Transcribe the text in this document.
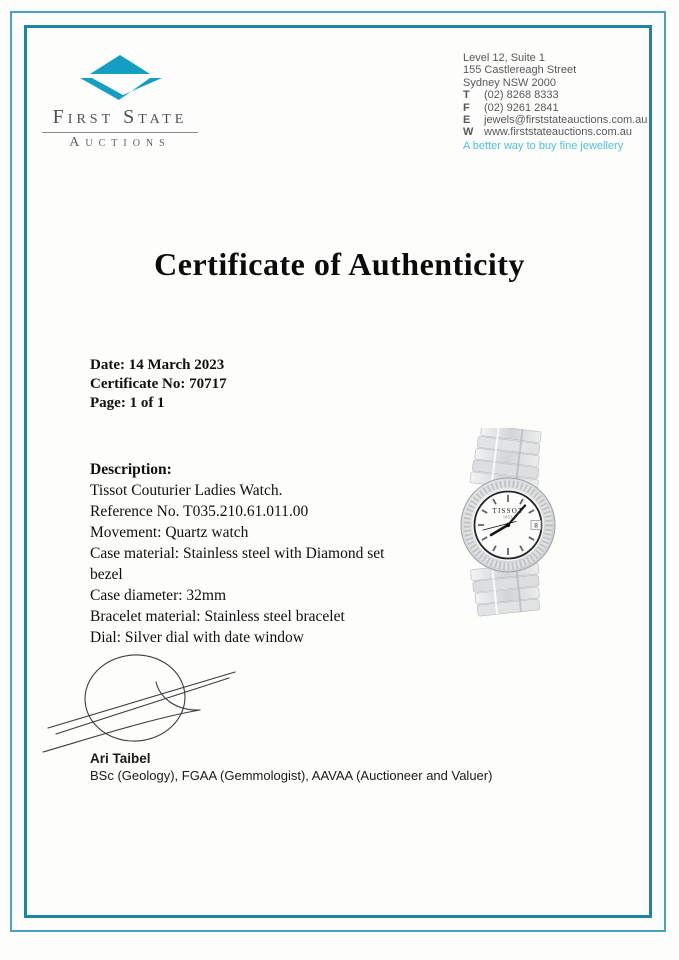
First State
Auctions
Level 12, Suite 1
155 Castlereagh Street
Sydney NSW 2000
T	(02) 8268 8333
F	(02) 9261 2841
E	jewels@firststateauctions.com.au
W www.firststateauctions.com.au
A better way to buy fine jewellery
Certificate of Authenticity
Date: 14 March 2023
Certificate No: 70717
Page: 1 of 1
Description:
Tissot Couturier Ladies Watch.
Reference No. T035.210.61.011.00
Movement: Quartz watch
Case material: Stainless steel with Diamond set
bezel
Case diameter: 32mm
Bracelet material: Stainless steel bracelet
Dial: Silver dial with date window
TISSOT
1853
8
Ari Taibel
BSc (Geology), FGAA (Gemmologist), AAVAA (Auctioneer and Valuer)
